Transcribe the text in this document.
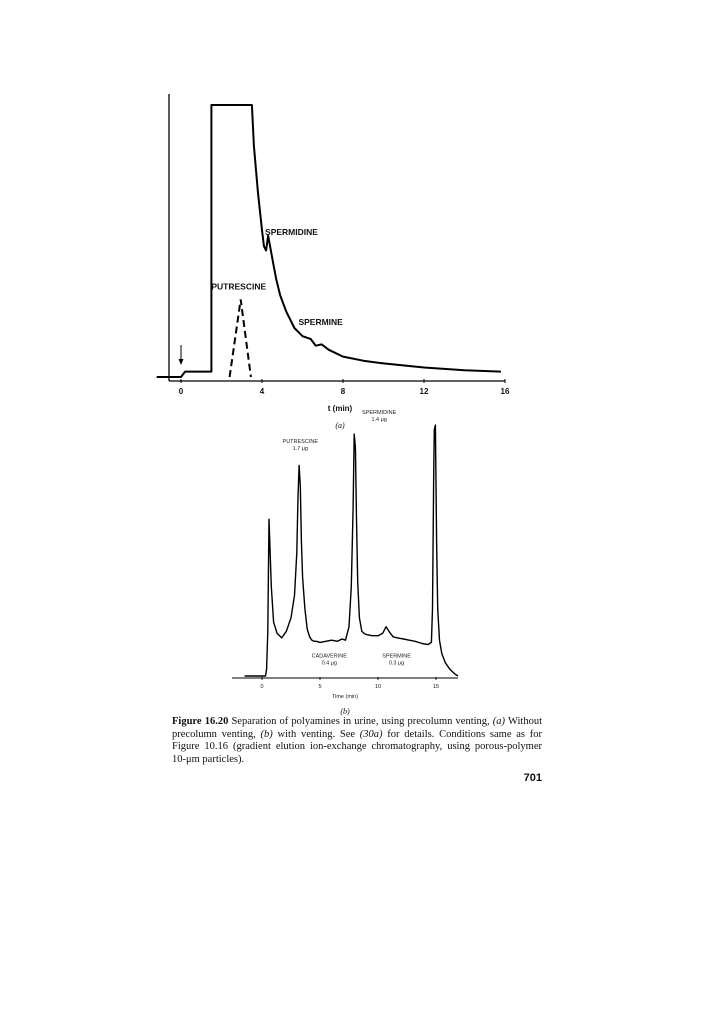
0	4	8	12	16
SPERMIDINE
PUTRESCINE
SPERMINE
t (min)
(a)
0	5	10	15
PUTRESCINE
1.7 μg
SPERMIDINE
1.4 μg
CADAVERINE
0.4 μg
SPERMINE
0.3 μg
Time (min)
(b)
Figure 16.20 Separation of polyamines in urine, using precolumn venting, (a) Without precolumn venting, (b) with venting. See (30a) for details. Conditions same as for Figure 10.16 (gradient elution ion-exchange chromatography, using porous-polymer 10-μm particles).
701
